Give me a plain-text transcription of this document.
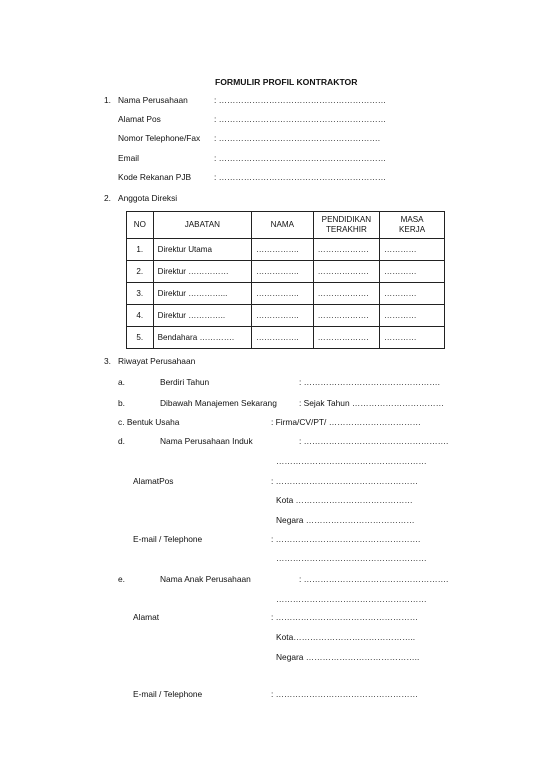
FORMULIR PROFIL KONTRAKTOR
1. Nama Perusahaan	: ……………………………………………………
Alamat Pos	: ……………………………………………………
Nomor Telephone/Fax : ………………………………………………….
Email	: ……………………………………………………
Kode Rekanan PJB	: ……………………………………………………
2. Anggota Direksi
NO	JABATAN	NAMA	PENDIDIKAN TERAKHIR	MASA KERJA
1.	Direktur Utama	…………….	……………….	…………
2.	Direktur ……………	…………….	……………….	…………
3.	Direktur …………...	…………….	……………….	…………
4.	Direktur …………..	…………….	……………….	…………
5.	Bendahara ………….	…………….	……………….	…………
3. Riwayat Perusahaan
a.	Berdiri Tahun	: ………………………………………….
b.	Dibawah Manajemen Sekarang	: Sejak Tahun ……………………………
c. Bentuk Usaha	: Firma/CV/PT/ ……………………………
d.	Nama Perusahaan Induk	: …………………………………………….
………………………………………………
AlamatPos	: ……………………………………………
Kota ……………………………………
Negara …………………………………
E-mail / Telephone	: …………………………………………….
………………………………………………
e.	Nama Anak Perusahaan	: …………………………………………….
………………………………………………
Alamat	: ……………………………………………
Kota……………………………………..
Negara …………………………………..
E-mail / Telephone	: ……………………………………………
